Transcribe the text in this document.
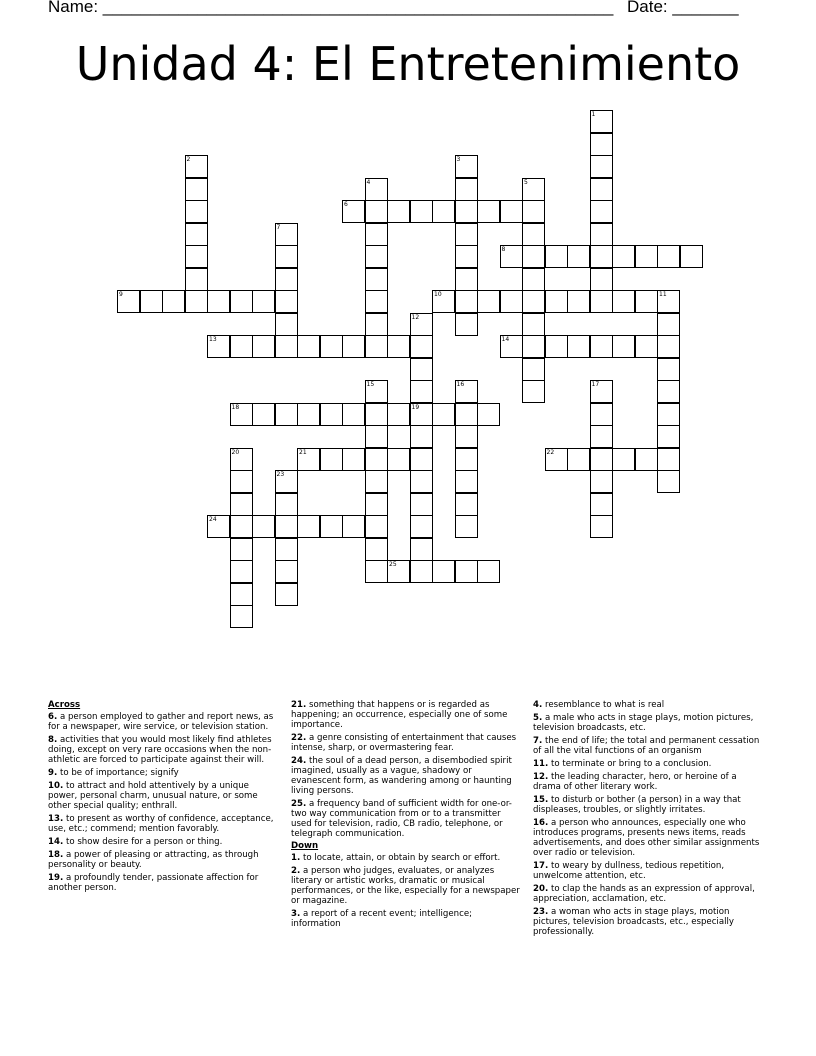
Name: ______________________________________________________ Date: _______
Unidad 4: El Entretenimiento
1
2	3
4	5
6
7
8
9	10	11
12
19
13	14
15	16	17
18
20	21	22
23
24
25
Across
6. a person employed to gather and report news, as for a newspaper, wire service, or television station.
8. activities that you would most likely find athletes doing, except on very rare occasions when the non-athletic are forced to participate against their will.
9. to be of importance; signify
10. to attract and hold attentively by a unique power, personal charm, unusual nature, or some other special quality; enthrall.
13. to present as worthy of confidence, acceptance, use, etc.; commend; mention favorably.
14. to show desire for a person or thing.
18. a power of pleasing or attracting, as through personality or beauty.
19. a profoundly tender, passionate affection for another person.
21. something that happens or is regarded as happening; an occurrence, especially one of some importance.
22. a genre consisting of entertainment that causes intense, sharp, or overmastering fear.
24. the soul of a dead person, a disembodied spirit imagined, usually as a vague, shadowy or evanescent form, as wandering among or haunting living persons.
25. a frequency band of sufficient width for one-or-two way communication from or to a transmitter used for television, radio, CB radio, telephone, or telegraph communication.
Down
1. to locate, attain, or obtain by search or effort.
2. a person who judges, evaluates, or analyzes literary or artistic works, dramatic or musical performances, or the like, especially for a newspaper or magazine.
3. a report of a recent event; intelligence; information
4. resemblance to what is real
5. a male who acts in stage plays, motion pictures, television broadcasts, etc.
7. the end of life; the total and permanent cessation of all the vital functions of an organism
11. to terminate or bring to a conclusion.
12. the leading character, hero, or heroine of a drama of other literary work.
15. to disturb or bother (a person) in a way that displeases, troubles, or slightly irritates.
16. a person who announces, especially one who introduces programs, presents news items, reads advertisements, and does other similar assignments over radio or television.
17. to weary by dullness, tedious repetition, unwelcome attention, etc.
20. to clap the hands as an expression of approval, appreciation, acclamation, etc.
23. a woman who acts in stage plays, motion pictures, television broadcasts, etc., especially professionally.
